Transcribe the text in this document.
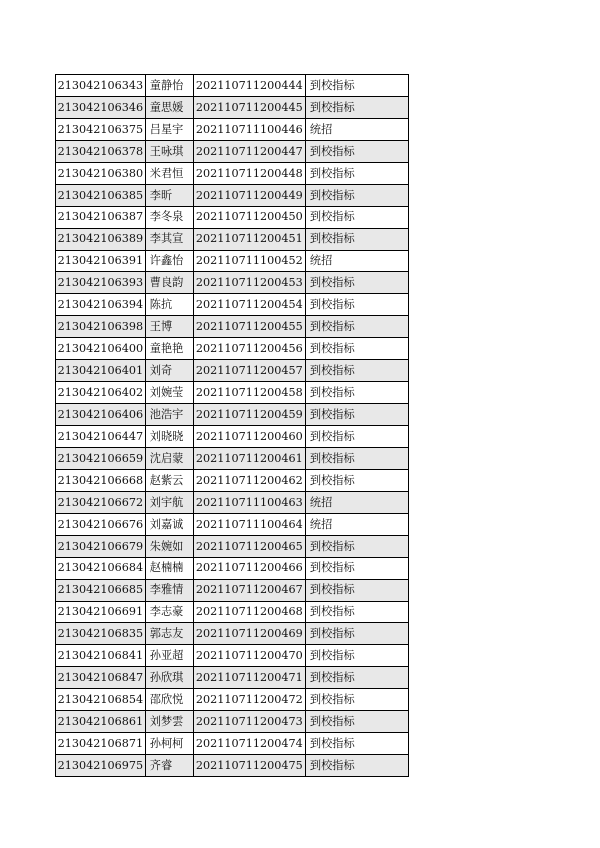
213042106343	童静怡	202110711200444	到校指标
213042106346	童思媛	202110711200445	到校指标
213042106375	吕星宇	202110711100446	统招
213042106378	王咏琪	202110711200447	到校指标
213042106380	米君恒	202110711200448	到校指标
213042106385	李昕	202110711200449	到校指标
213042106387	李冬泉	202110711200450	到校指标
213042106389	李其宣	202110711200451	到校指标
213042106391	许鑫怡	202110711100452	统招
213042106393	曹良韵	202110711200453	到校指标
213042106394	陈抗	202110711200454	到校指标
213042106398	王博	202110711200455	到校指标
213042106400	童艳艳	202110711200456	到校指标
213042106401	刘奇	202110711200457	到校指标
213042106402	刘婉莹	202110711200458	到校指标
213042106406	池浩宇	202110711200459	到校指标
213042106447	刘晓晓	202110711200460	到校指标
213042106659	沈启蒙	202110711200461	到校指标
213042106668	赵紫云	202110711200462	到校指标
213042106672	刘宇航	202110711100463	统招
213042106676	刘嘉诚	202110711100464	统招
213042106679	朱婉如	202110711200465	到校指标
213042106684	赵楠楠	202110711200466	到校指标
213042106685	李雅情	202110711200467	到校指标
213042106691	李志豪	202110711200468	到校指标
213042106835	郭志友	202110711200469	到校指标
213042106841	孙亚超	202110711200470	到校指标
213042106847	孙欣琪	202110711200471	到校指标
213042106854	邵欣悦	202110711200472	到校指标
213042106861	刘梦雲	202110711200473	到校指标
213042106871	孙柯柯	202110711200474	到校指标
213042106975	齐睿	202110711200475	到校指标
